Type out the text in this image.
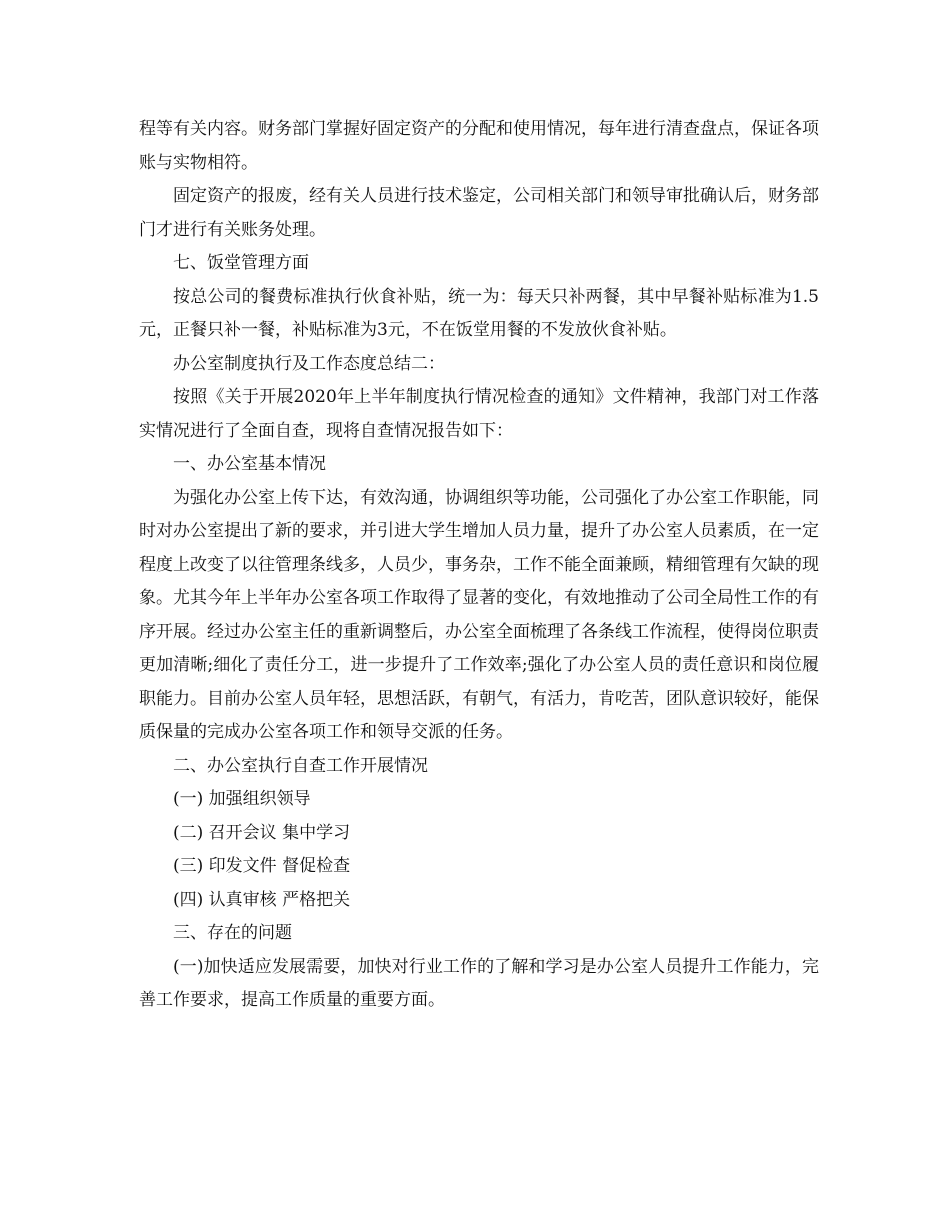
程等有关内容。财务部门掌握好固定资产的分配和使用情况，每年进行清查盘点，保证各项账与实物相符。

固定资产的报废，经有关人员进行技术鉴定，公司相关部门和领导审批确认后，财务部门才进行有关账务处理。

七、饭堂管理方面

按总公司的餐费标准执行伙食补贴，统一为：每天只补两餐，其中早餐补贴标准为1.5元，正餐只补一餐，补贴标准为3元，不在饭堂用餐的不发放伙食补贴。

办公室制度执行及工作态度总结二：

按照《关于开展2020年上半年制度执行情况检查的通知》文件精神，我部门对工作落实情况进行了全面自查，现将自查情况报告如下：

一、办公室基本情况

为强化办公室上传下达，有效沟通，协调组织等功能，公司强化了办公室工作职能，同 时对办公室提出了新的要求，并引进大学生增加人员力量，提升了办公室人员素质，在一定程度上改变了以往管理条线多，人员少，事务杂，工作不能全面兼顾，精细管理有欠缺的现象。尤其今年上半年办公室各项工作取得了显著的变化，有效地推动了公司全局性工作的有序开展。经过办公室主任的重新调整后，办公室全面梳理了各条线工作流程，使得岗位职责更加清晰;细化了责任分工，进一步提升了工作效率;强化了办公室人员的责任意识和岗位履职能力。目前办公室人员年轻，思想活跃，有朝气，有活力，肯吃苦，团队意识较好，能保质保量的完成办公室各项工作和领导交派的任务。

二、办公室执行自查工作开展情况

(一) 加强组织领导

(二) 召开会议 集中学习

(三) 印发文件 督促检查

(四) 认真审核 严格把关

三、存在的问题

(一)加快适应发展需要，加快对行业工作的了解和学习是办公室人员提升工作能力，完善工作要求，提高工作质量的重要方面。
